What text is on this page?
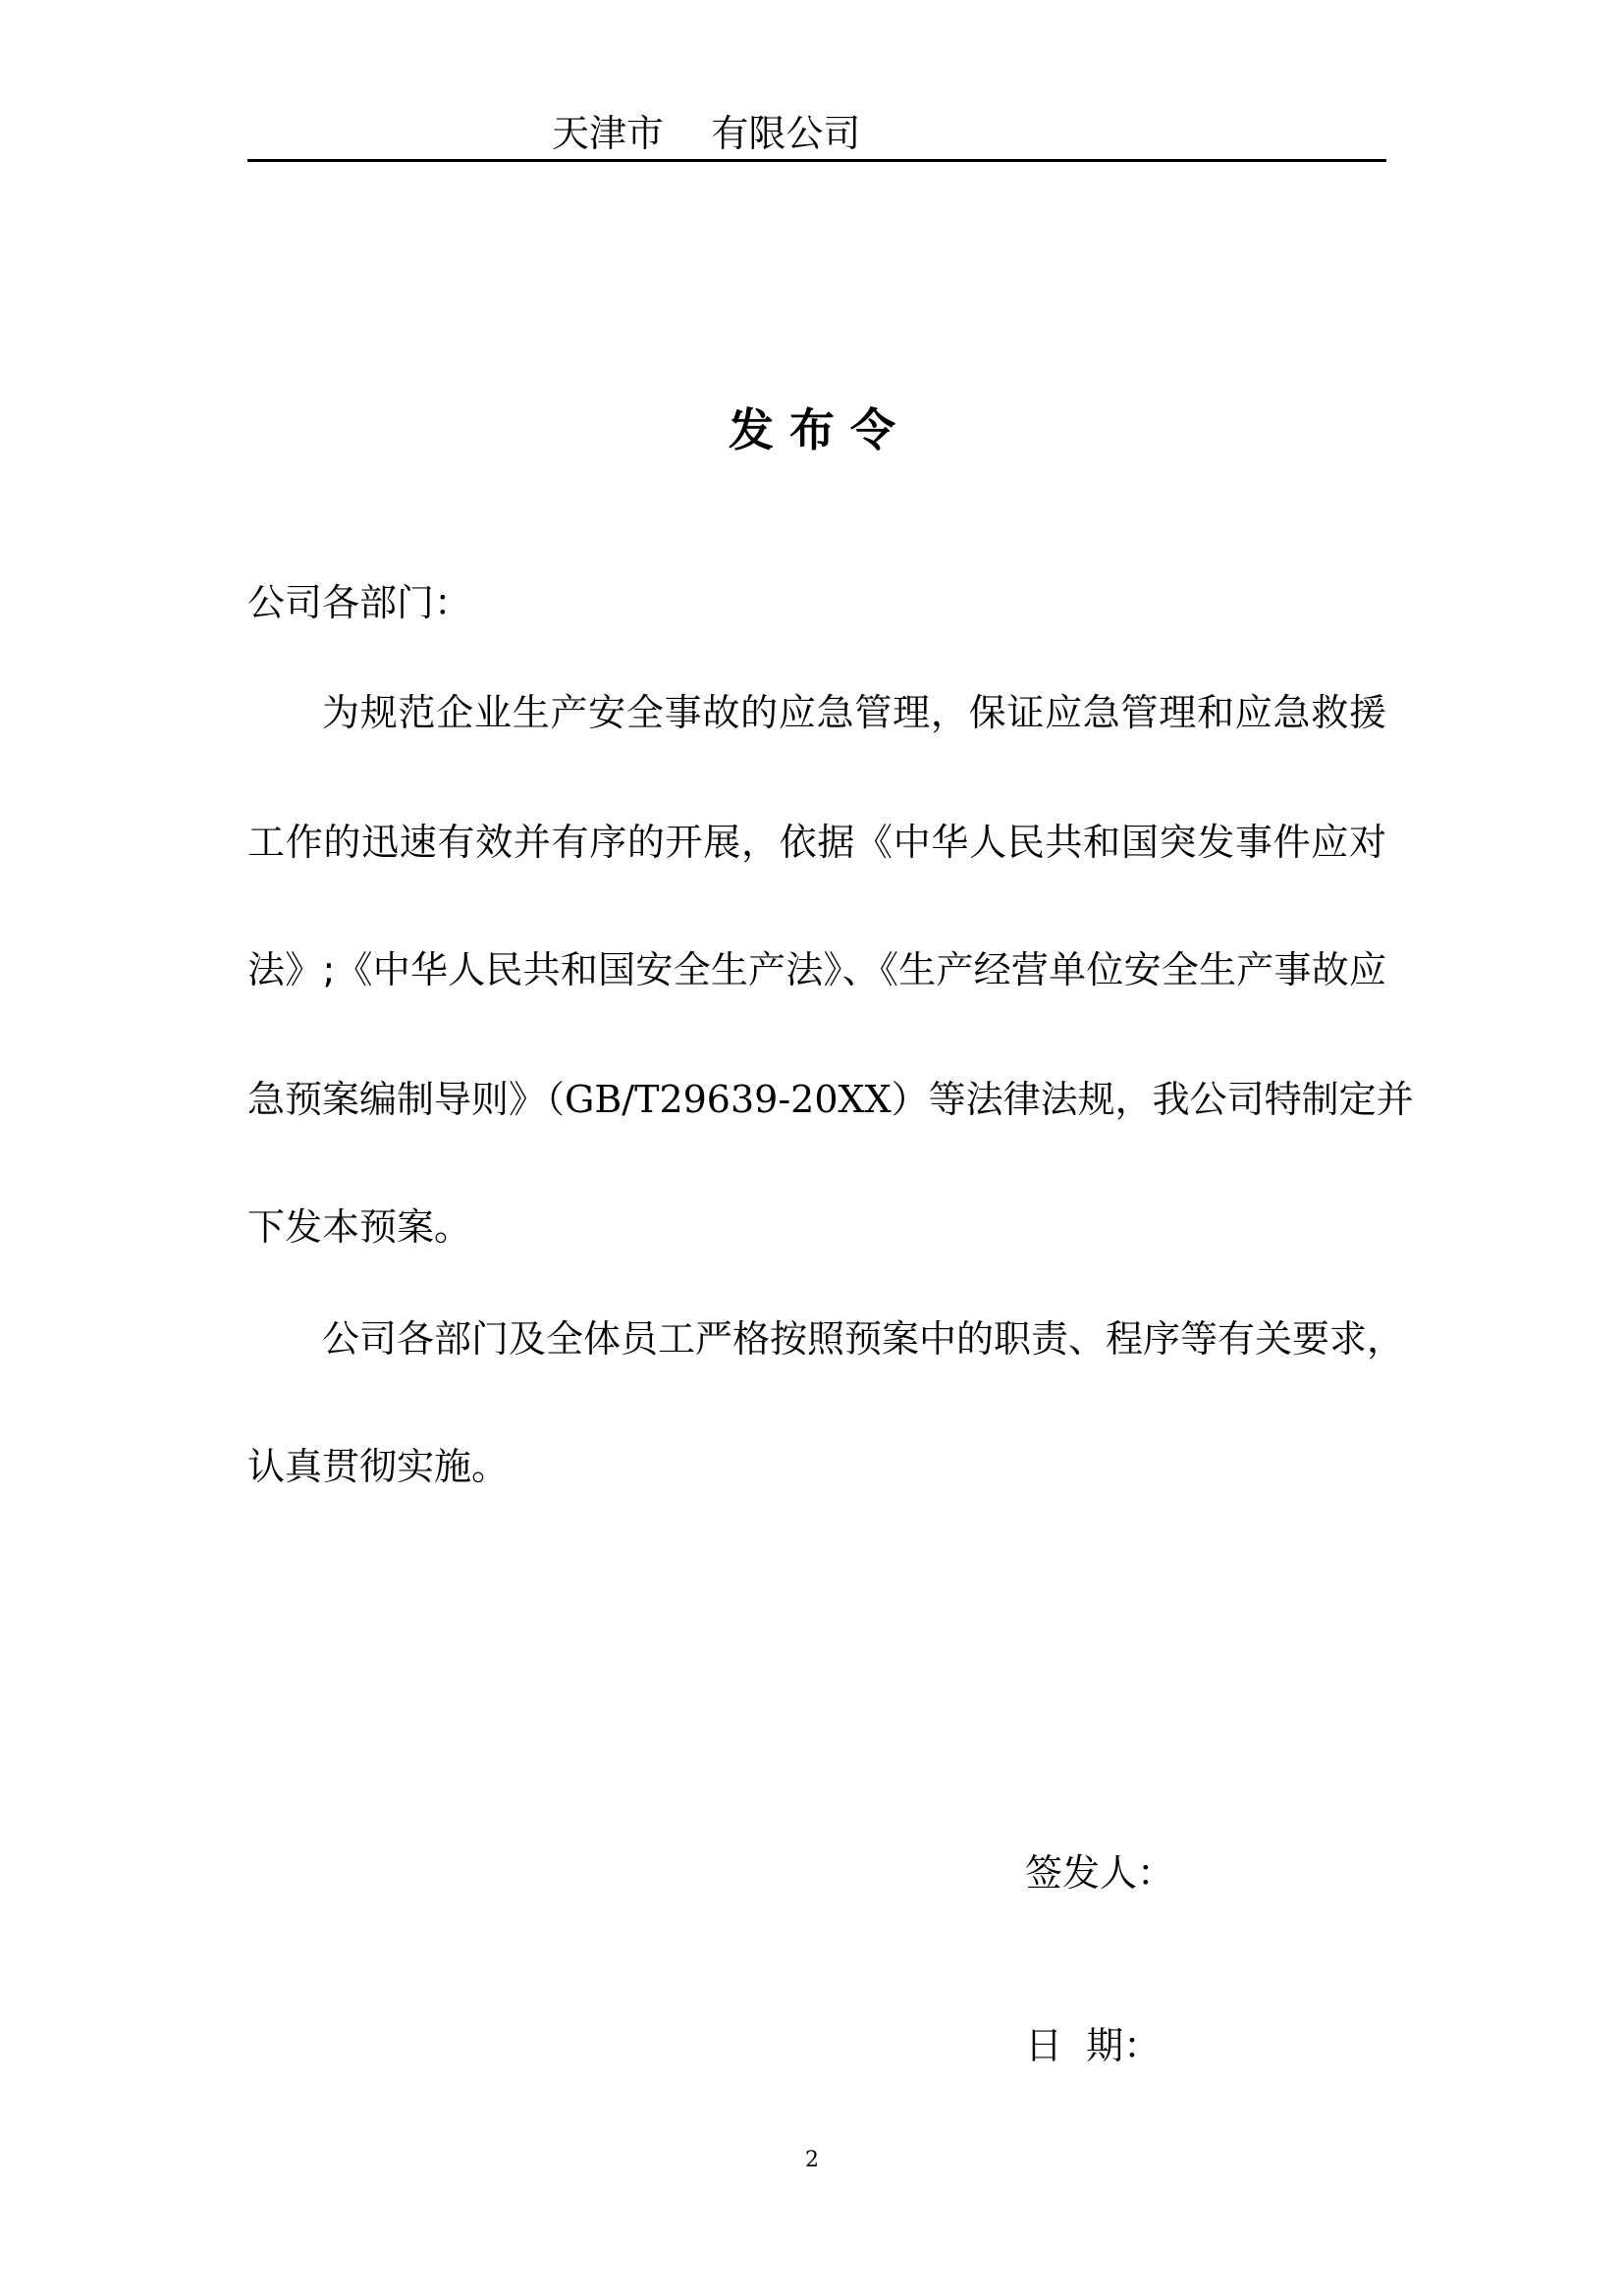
天津市    有限公司
发布令
公司各部门：
为规范企业生产安全事故的应急管理，保证应急管理和应急救援
工作的迅速有效并有序的开展，依据《中华人民共和国突发事件应对
法》;《中华人民共和国安全生产法》、《生产经营单位安全生产事故应
急预案编制导则》（GB/T29639-20XX）等法律法规，我公司特制定并
下发本预案。
公司各部门及全体员工严格按照预案中的职责、程序等有关要求，
认真贯彻实施。
签发人：
日  期：
2
